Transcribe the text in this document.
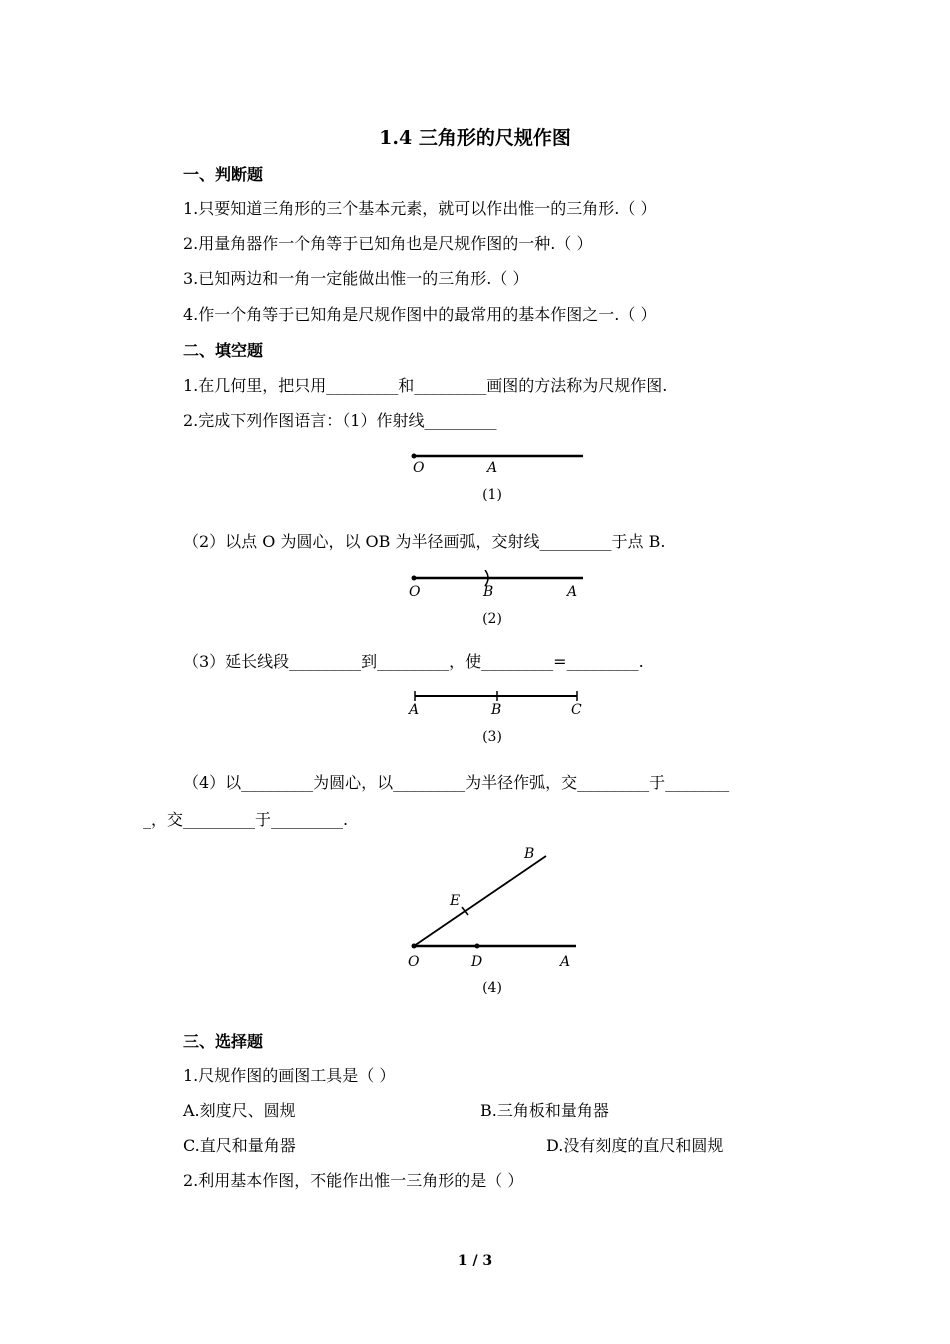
1.4 三角形的尺规作图
一、判断题
1.只要知道三角形的三个基本元素，就可以作出惟一的三角形.（ ）
2.用量角器作一个角等于已知角也是尺规作图的一种.（ ）
3.已知两边和一角一定能做出惟一的三角形.（ ）
4.作一个角等于已知角是尺规作图中的最常用的基本作图之一.（ ）
二、填空题
1.在几何里，把只用_________和_________画图的方法称为尺规作图.
2.完成下列作图语言：（1）作射线_________
O	A
(1)
（2）以点 O 为圆心，以 OB 为半径画弧，交射线_________于点 B.
O	B	A
(2)
（3）延长线段_________到_________，使_________=_________.
A	B	C
(3)
（4）以_________为圆心，以_________为半径作弧，交_________于________
_，交_________于_________.
B
E
O	D	A
(4)
三、选择题
1.尺规作图的画图工具是（ ）
A.刻度尺、圆规	B.三角板和量角器
C.直尺和量角器	D.没有刻度的直尺和圆规
2.利用基本作图，不能作出惟一三角形的是（ ）
1 / 3
